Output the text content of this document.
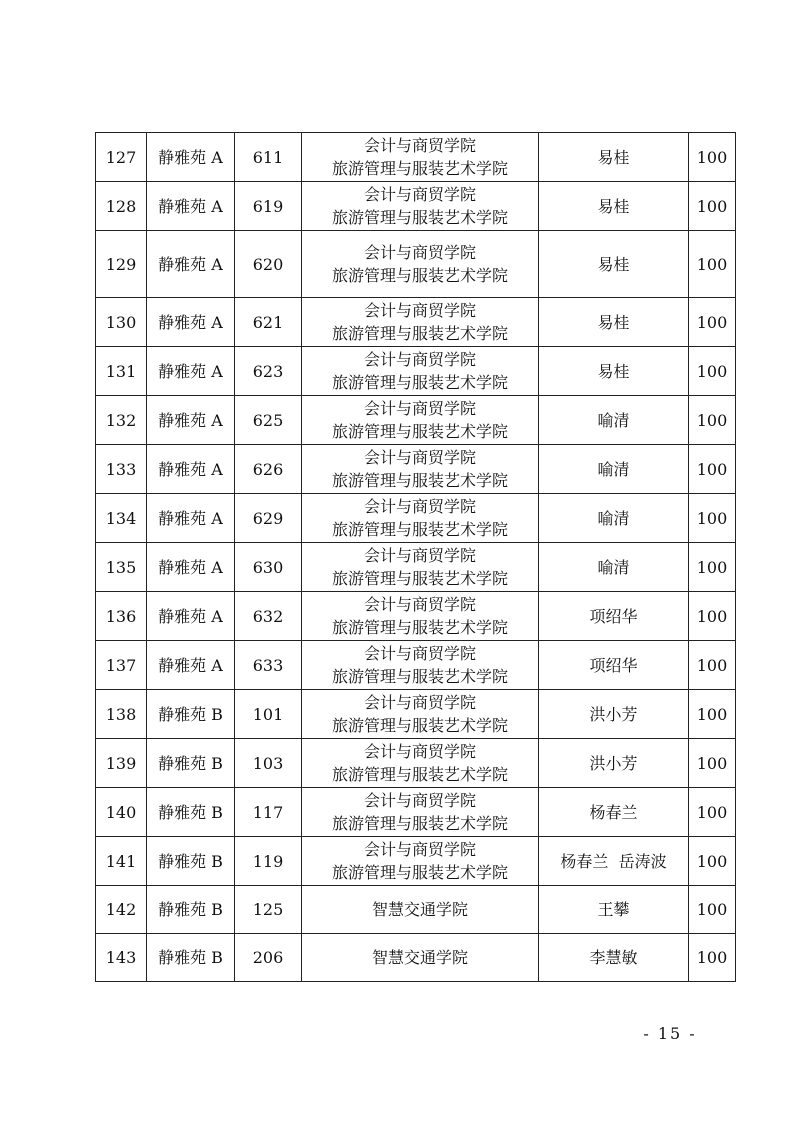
127	静雅苑 A	611	会计与商贸学院
旅游管理与服装艺术学院	易桂	100
128	静雅苑 A	619	会计与商贸学院
旅游管理与服装艺术学院	易桂	100
129	静雅苑 A	620	会计与商贸学院
旅游管理与服装艺术学院	易桂	100
130	静雅苑 A	621	会计与商贸学院
旅游管理与服装艺术学院	易桂	100
131	静雅苑 A	623	会计与商贸学院
旅游管理与服装艺术学院	易桂	100
132	静雅苑 A	625	会计与商贸学院
旅游管理与服装艺术学院	喻清	100
133	静雅苑 A	626	会计与商贸学院
旅游管理与服装艺术学院	喻清	100
134	静雅苑 A	629	会计与商贸学院
旅游管理与服装艺术学院	喻清	100
135	静雅苑 A	630	会计与商贸学院
旅游管理与服装艺术学院	喻清	100
136	静雅苑 A	632	会计与商贸学院
旅游管理与服装艺术学院	项绍华	100
137	静雅苑 A	633	会计与商贸学院
旅游管理与服装艺术学院	项绍华	100
138	静雅苑 B	101	会计与商贸学院
旅游管理与服装艺术学院	洪小芳	100
139	静雅苑 B	103	会计与商贸学院
旅游管理与服装艺术学院	洪小芳	100
140	静雅苑 B	117	会计与商贸学院
旅游管理与服装艺术学院	杨春兰	100
141	静雅苑 B	119	会计与商贸学院
旅游管理与服装艺术学院	杨春兰  岳涛波	100
142	静雅苑 B	125	智慧交通学院	王攀	100
143	静雅苑 B	206	智慧交通学院	李慧敏	100
- 15 -
